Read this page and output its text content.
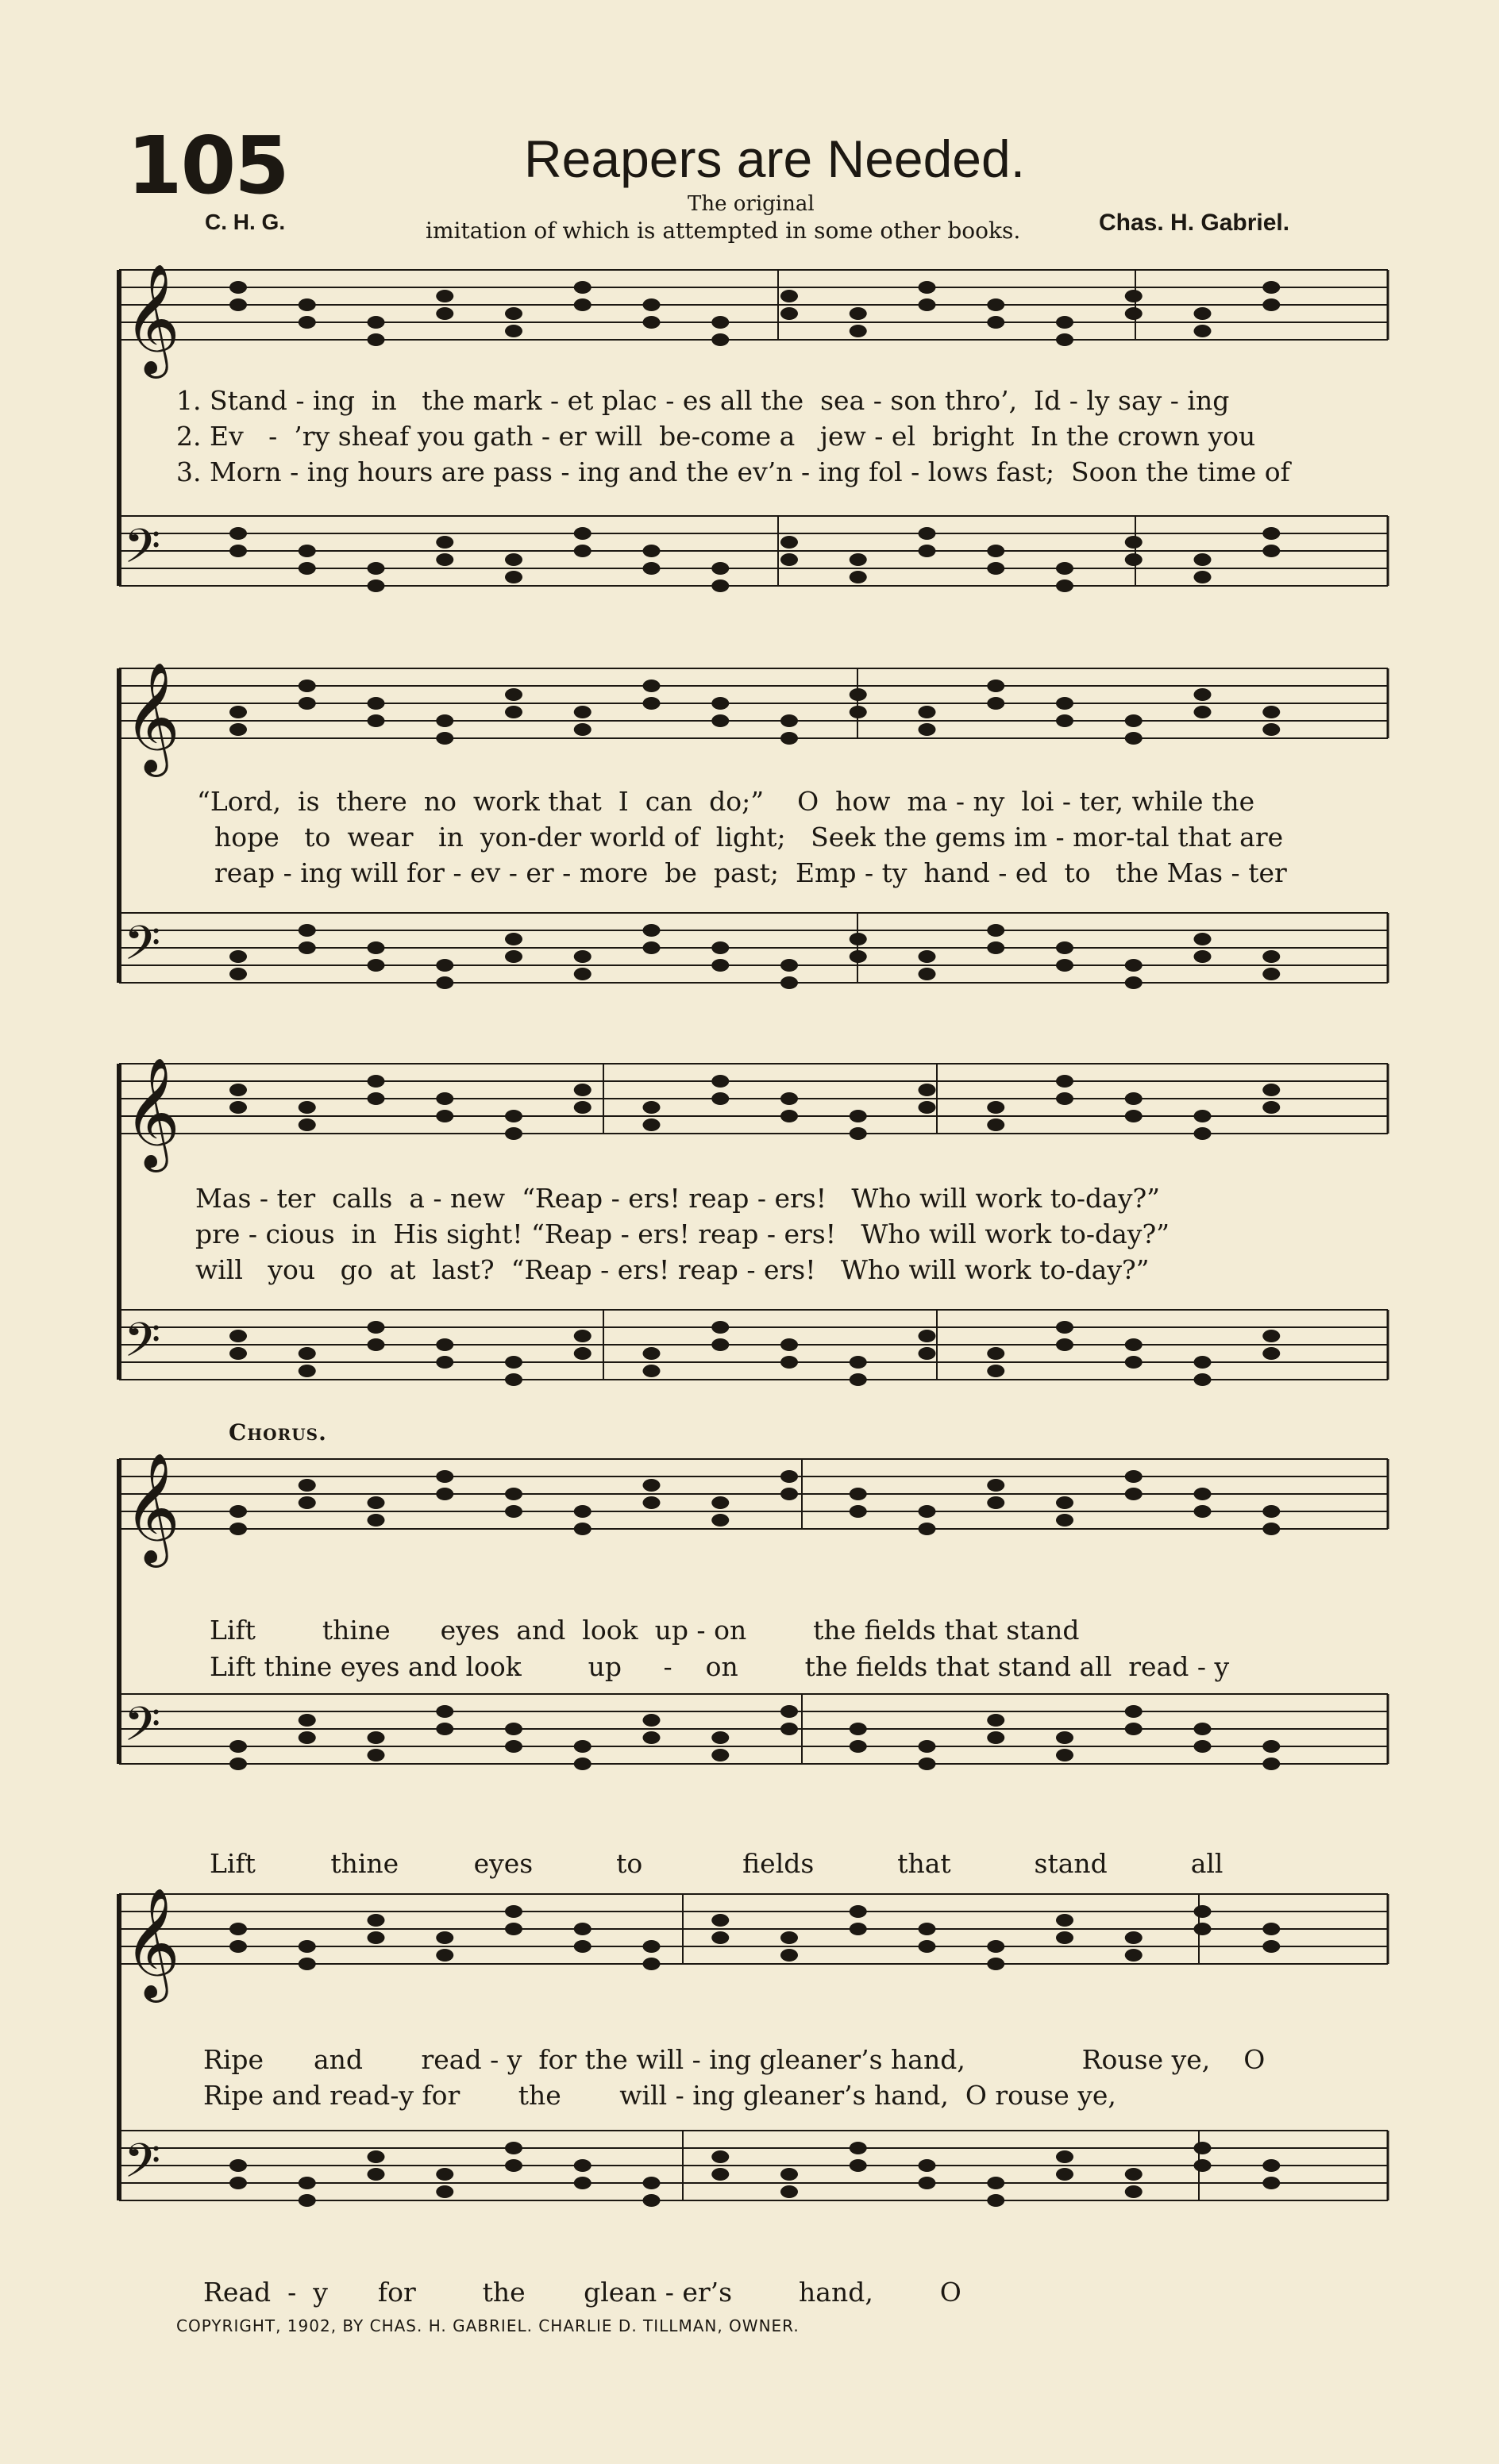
105	Reapers are Needed.
The original
imitation of which is attempted in some other books.
C. H. G.	Chas. H. Gabriel.
𝄞
𝄢
𝄞
𝄢
𝄞
𝄢
𝄞
𝄢
𝄞
𝄢
1. Stand - ing  in   the mark - et plac - es all the  sea - son thro’,  Id - ly say - ing
2. Ev   -  ’ry sheaf you gath - er will  be-come a   jew - el  bright  In the crown you
3. Morn - ing hours are pass - ing and the ev’n - ing fol - lows fast;  Soon the time of
“Lord,  is  there  no  work that  I  can  do;”    O  how  ma - ny  loi - ter, while the
hope   to  wear   in  yon-der world of  light;   Seek the gems im - mor-tal that are
reap - ing will for - ev - er - more  be  past;  Emp - ty  hand - ed  to   the Mas - ter
Mas - ter  calls  a - new  “Reap - ers! reap - ers!   Who will work to-day?”
pre - cious  in  His sight! “Reap - ers! reap - ers!   Who will work to-day?”
will   you   go  at  last?  “Reap - ers! reap - ers!   Who will work to-day?”
Chorus.
Lift        thine      eyes  and  look  up - on        the fields that stand
Lift thine eyes and look        up     -    on        the fields that stand all  read - y
Lift         thine         eyes          to            fields          that          stand          all
Ripe      and       read - y  for the will - ing gleaner’s hand,              Rouse ye,    O
Ripe and read-y for       the       will - ing gleaner’s hand,  O rouse ye,
Read  -  y      for        the       glean - er’s        hand,        O
COPYRIGHT, 1902, BY CHAS. H. GABRIEL. CHARLIE D. TILLMAN, OWNER.
